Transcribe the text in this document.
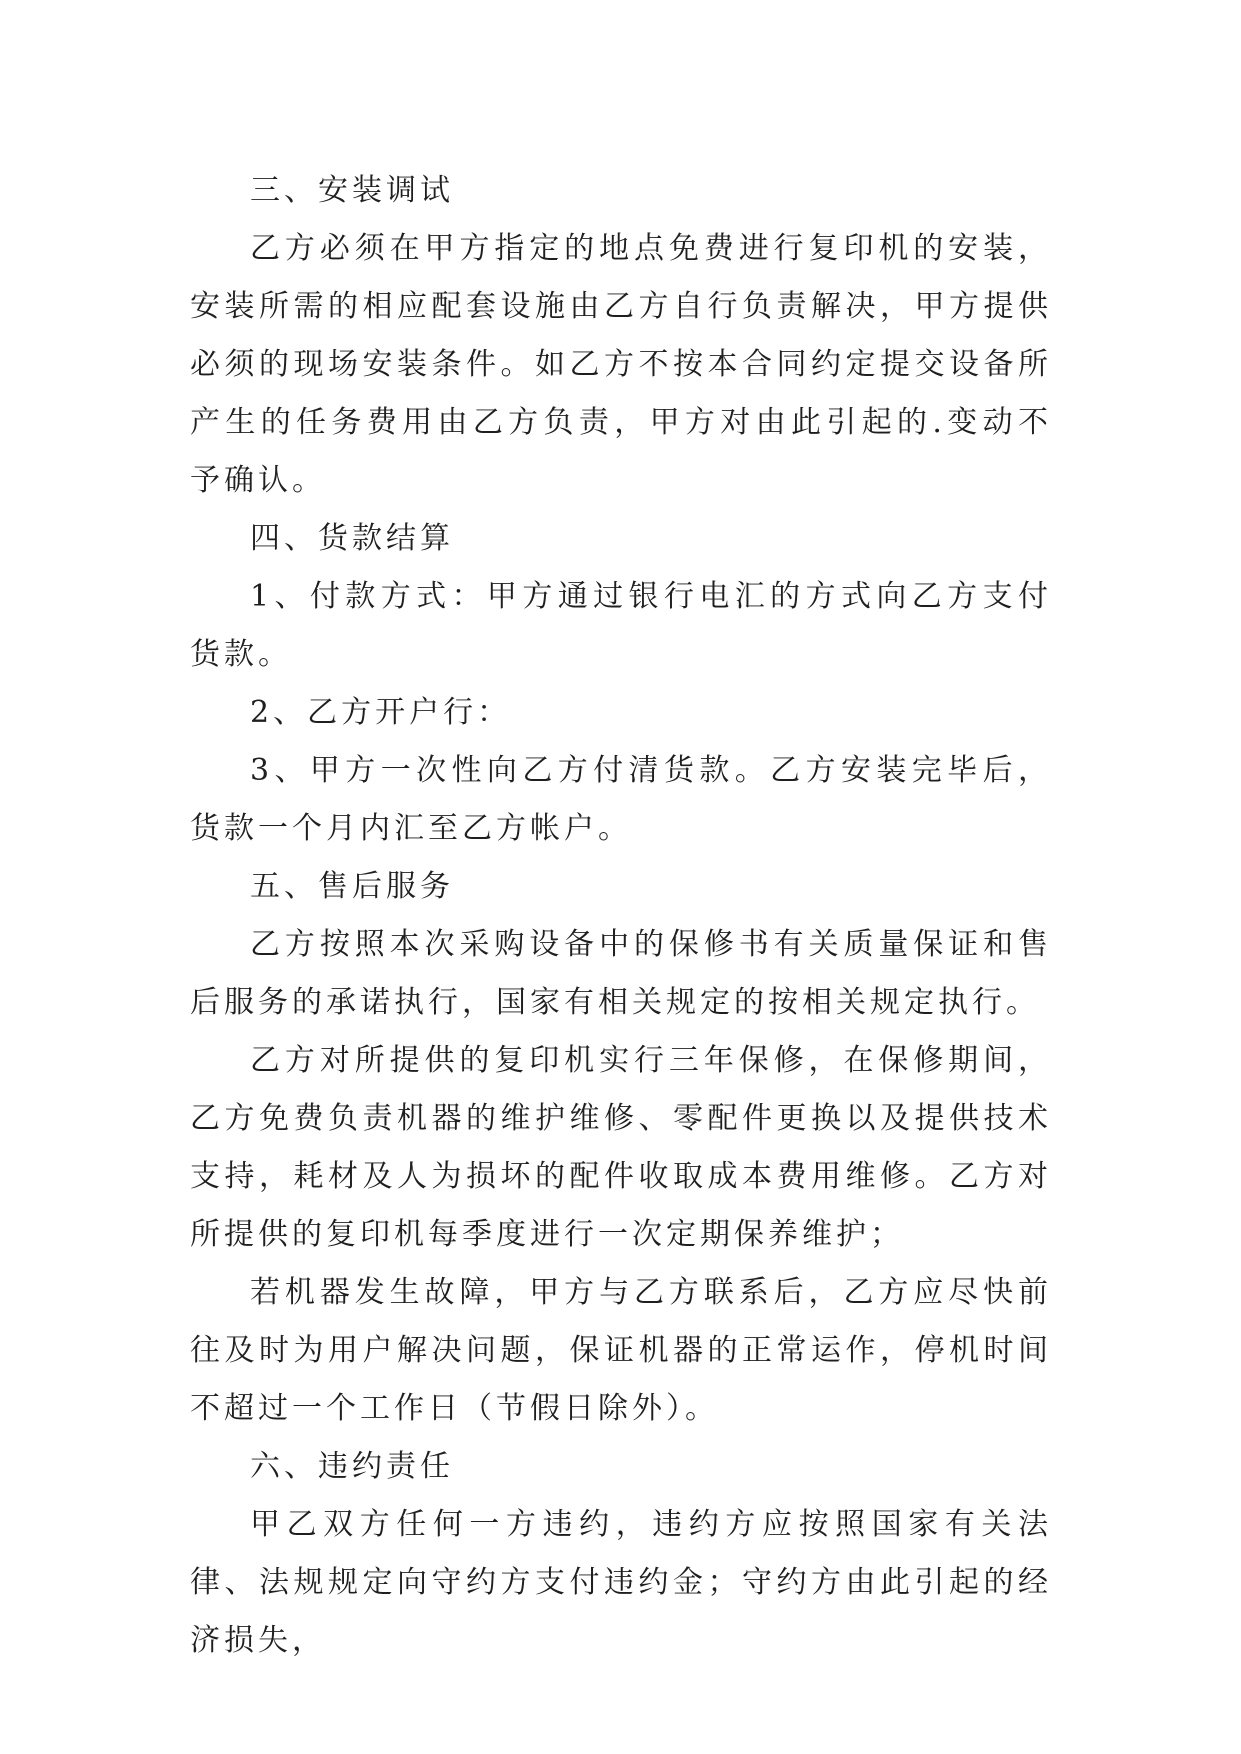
三、安装调试

乙方必须在甲方指定的地点免费进行复印机的安装，安装所需的相应配套设施由乙方自行负责解决，甲方提供必须的现场安装条件。如乙方不按本合同约定提交设备所产生的任务费用由乙方负责，甲方对由此引起的.变动不予确认。

四、货款结算

1、付款方式：甲方通过银行电汇的方式向乙方支付货款。

2、乙方开户行：

3、甲方一次性向乙方付清货款。乙方安装完毕后，货款一个月内汇至乙方帐户。

五、售后服务

乙方按照本次采购设备中的保修书有关质量保证和售后服务的承诺执行，国家有相关规定的按相关规定执行。

乙方对所提供的复印机实行三年保修，在保修期间，乙方免费负责机器的维护维修、零配件更换以及提供技术支持，耗材及人为损坏的配件收取成本费用维修。乙方对所提供的复印机每季度进行一次定期保养维护；

若机器发生故障，甲方与乙方联系后，乙方应尽快前往及时为用户解决问题，保证机器的正常运作，停机时间不超过一个工作日（节假日除外）。

六、违约责任

甲乙双方任何一方违约，违约方应按照国家有关法律、法规规定向守约方支付违约金；守约方由此引起的经济损失，
